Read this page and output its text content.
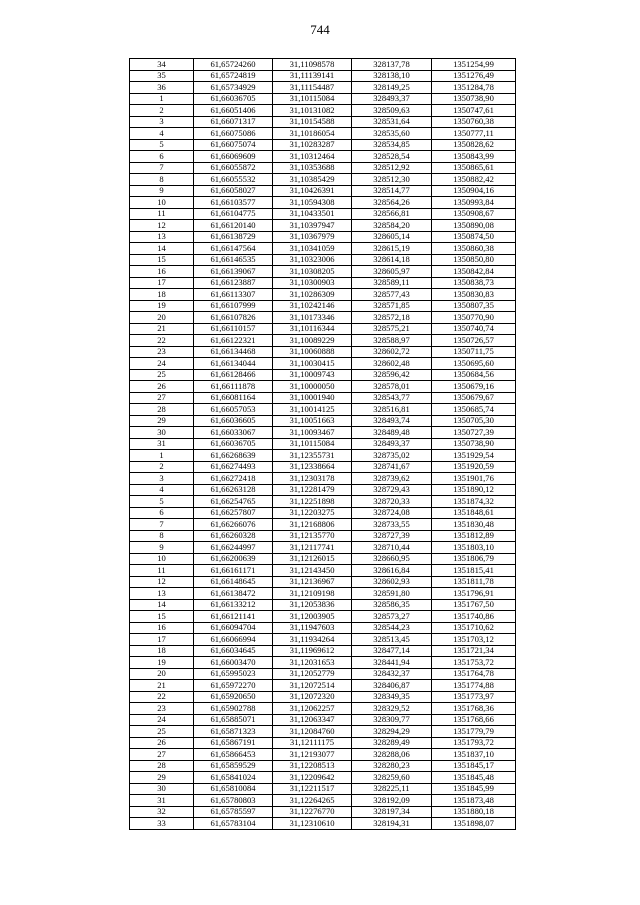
744
34	61,65724260	31,11098578	328137,78	1351254,99
35	61,65724819	31,11139141	328138,10	1351276,49
36	61,65734929	31,11154487	328149,25	1351284,78
1	61,66036705	31,10115084	328493,37	1350738,90
2	61,66051406	31,10131082	328509,63	1350747,61
3	61,66071317	31,10154588	328531,64	1350760,38
4	61,66075086	31,10186054	328535,60	1350777,11
5	61,66075074	31,10283287	328534,85	1350828,62
6	61,66069609	31,10312464	328528,54	1350843,99
7	61,66055872	31,10353688	328512,92	1350865,61
8	61,66055532	31,10385429	328512,30	1350882,42
9	61,66058027	31,10426391	328514,77	1350904,16
10	61,66103577	31,10594308	328564,26	1350993,84
11	61,66104775	31,10433501	328566,81	1350908,67
12	61,66120140	31,10397947	328584,20	1350890,08
13	61,66138729	31,10367979	328605,14	1350874,50
14	61,66147564	31,10341059	328615,19	1350860,38
15	61,66146535	31,10323006	328614,18	1350850,80
16	61,66139067	31,10308205	328605,97	1350842,84
17	61,66123887	31,10300903	328589,11	1350838,73
18	61,66113307	31,10286309	328577,43	1350830,83
19	61,66107999	31,10242146	328571,85	1350807,35
20	61,66107826	31,10173346	328572,18	1350770,90
21	61,66110157	31,10116344	328575,21	1350740,74
22	61,66122321	31,10089229	328588,97	1350726,57
23	61,66134468	31,10060888	328602,72	1350711,75
24	61,66134044	31,10030415	328602,48	1350695,60
25	61,66128466	31,10009743	328596,42	1350684,56
26	61,66111878	31,10000050	328578,01	1350679,16
27	61,66081164	31,10001940	328543,77	1350679,67
28	61,66057053	31,10014125	328516,81	1350685,74
29	61,66036605	31,10051663	328493,74	1350705,30
30	61,66033067	31,10093467	328489,48	1350727,39
31	61,66036705	31,10115084	328493,37	1350738,90
1	61,66268639	31,12355731	328735,02	1351929,54
2	61,66274493	31,12338664	328741,67	1351920,59
3	61,66272418	31,12303178	328739,62	1351901,76
4	61,66263128	31,12281479	328729,43	1351890,12
5	61,66254765	31,12251898	328720,33	1351874,32
6	61,66257807	31,12203275	328724,08	1351848,61
7	61,66266076	31,12168806	328733,55	1351830,48
8	61,66260328	31,12135770	328727,39	1351812,89
9	61,66244997	31,12117741	328710,44	1351803,10
10	61,66200639	31,12126015	328660,95	1351806,79
11	61,66161171	31,12143450	328616,84	1351815,41
12	61,66148645	31,12136967	328602,93	1351811,78
13	61,66138472	31,12109198	328591,80	1351796,91
14	61,66133212	31,12053836	328586,35	1351767,50
15	61,66121141	31,12003905	328573,27	1351740,86
16	61,66094704	31,11947603	328544,23	1351710,62
17	61,66066994	31,11934264	328513,45	1351703,12
18	61,66034645	31,11969612	328477,14	1351721,34
19	61,66003470	31,12031653	328441,94	1351753,72
20	61,65995023	31,12052779	328432,37	1351764,78
21	61,65972270	31,12072514	328406,87	1351774,88
22	61,65920650	31,12072320	328349,35	1351773,97
23	61,65902788	31,12062257	328329,52	1351768,36
24	61,65885071	31,12063347	328309,77	1351768,66
25	61,65871323	31,12084760	328294,29	1351779,79
26	61,65867191	31,12111175	328289,49	1351793,72
27	61,65866453	31,12193077	328288,06	1351837,10
28	61,65859529	31,12208513	328280,23	1351845,17
29	61,65841024	31,12209642	328259,60	1351845,48
30	61,65810084	31,12211517	328225,11	1351845,99
31	61,65780803	31,12264265	328192,09	1351873,48
32	61,65785597	31,12276770	328197,34	1351880,18
33	61,65783104	31,12310610	328194,31	1351898,07
